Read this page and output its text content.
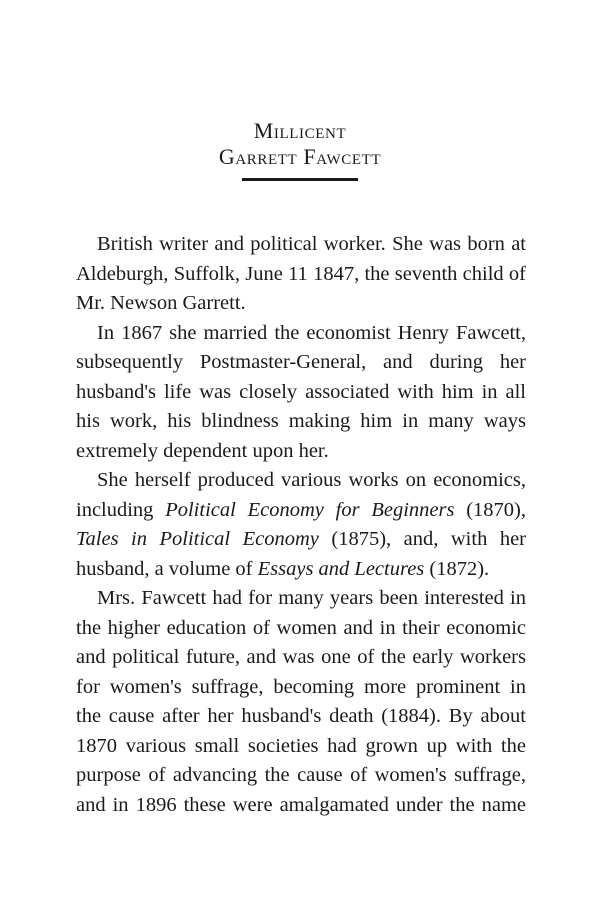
Millicent
Garrett Fawcett

British writer and political worker. She was born at Aldeburgh, Suffolk, June 11 1847, the seventh child of Mr. Newson Garrett.

In 1867 she married the economist Henry Fawcett, subsequently Postmaster-General, and during her husband's life was closely associated with him in all his work, his blindness making him in many ways extremely dependent upon her.

She herself produced various works on economics, including Political Economy for Beginners (1870), Tales in Political Economy (1875), and, with her husband, a volume of Essays and Lectures (1872).

Mrs. Fawcett had for many years been interested in the higher education of women and in their economic and political future, and was one of the early workers for women's suffrage, becoming more prominent in the cause after her husband's death (1884). By about 1870 various small societies had grown up with the purpose of advancing the cause of women's suffrage, and in 1896 these were amalgamated under the name
